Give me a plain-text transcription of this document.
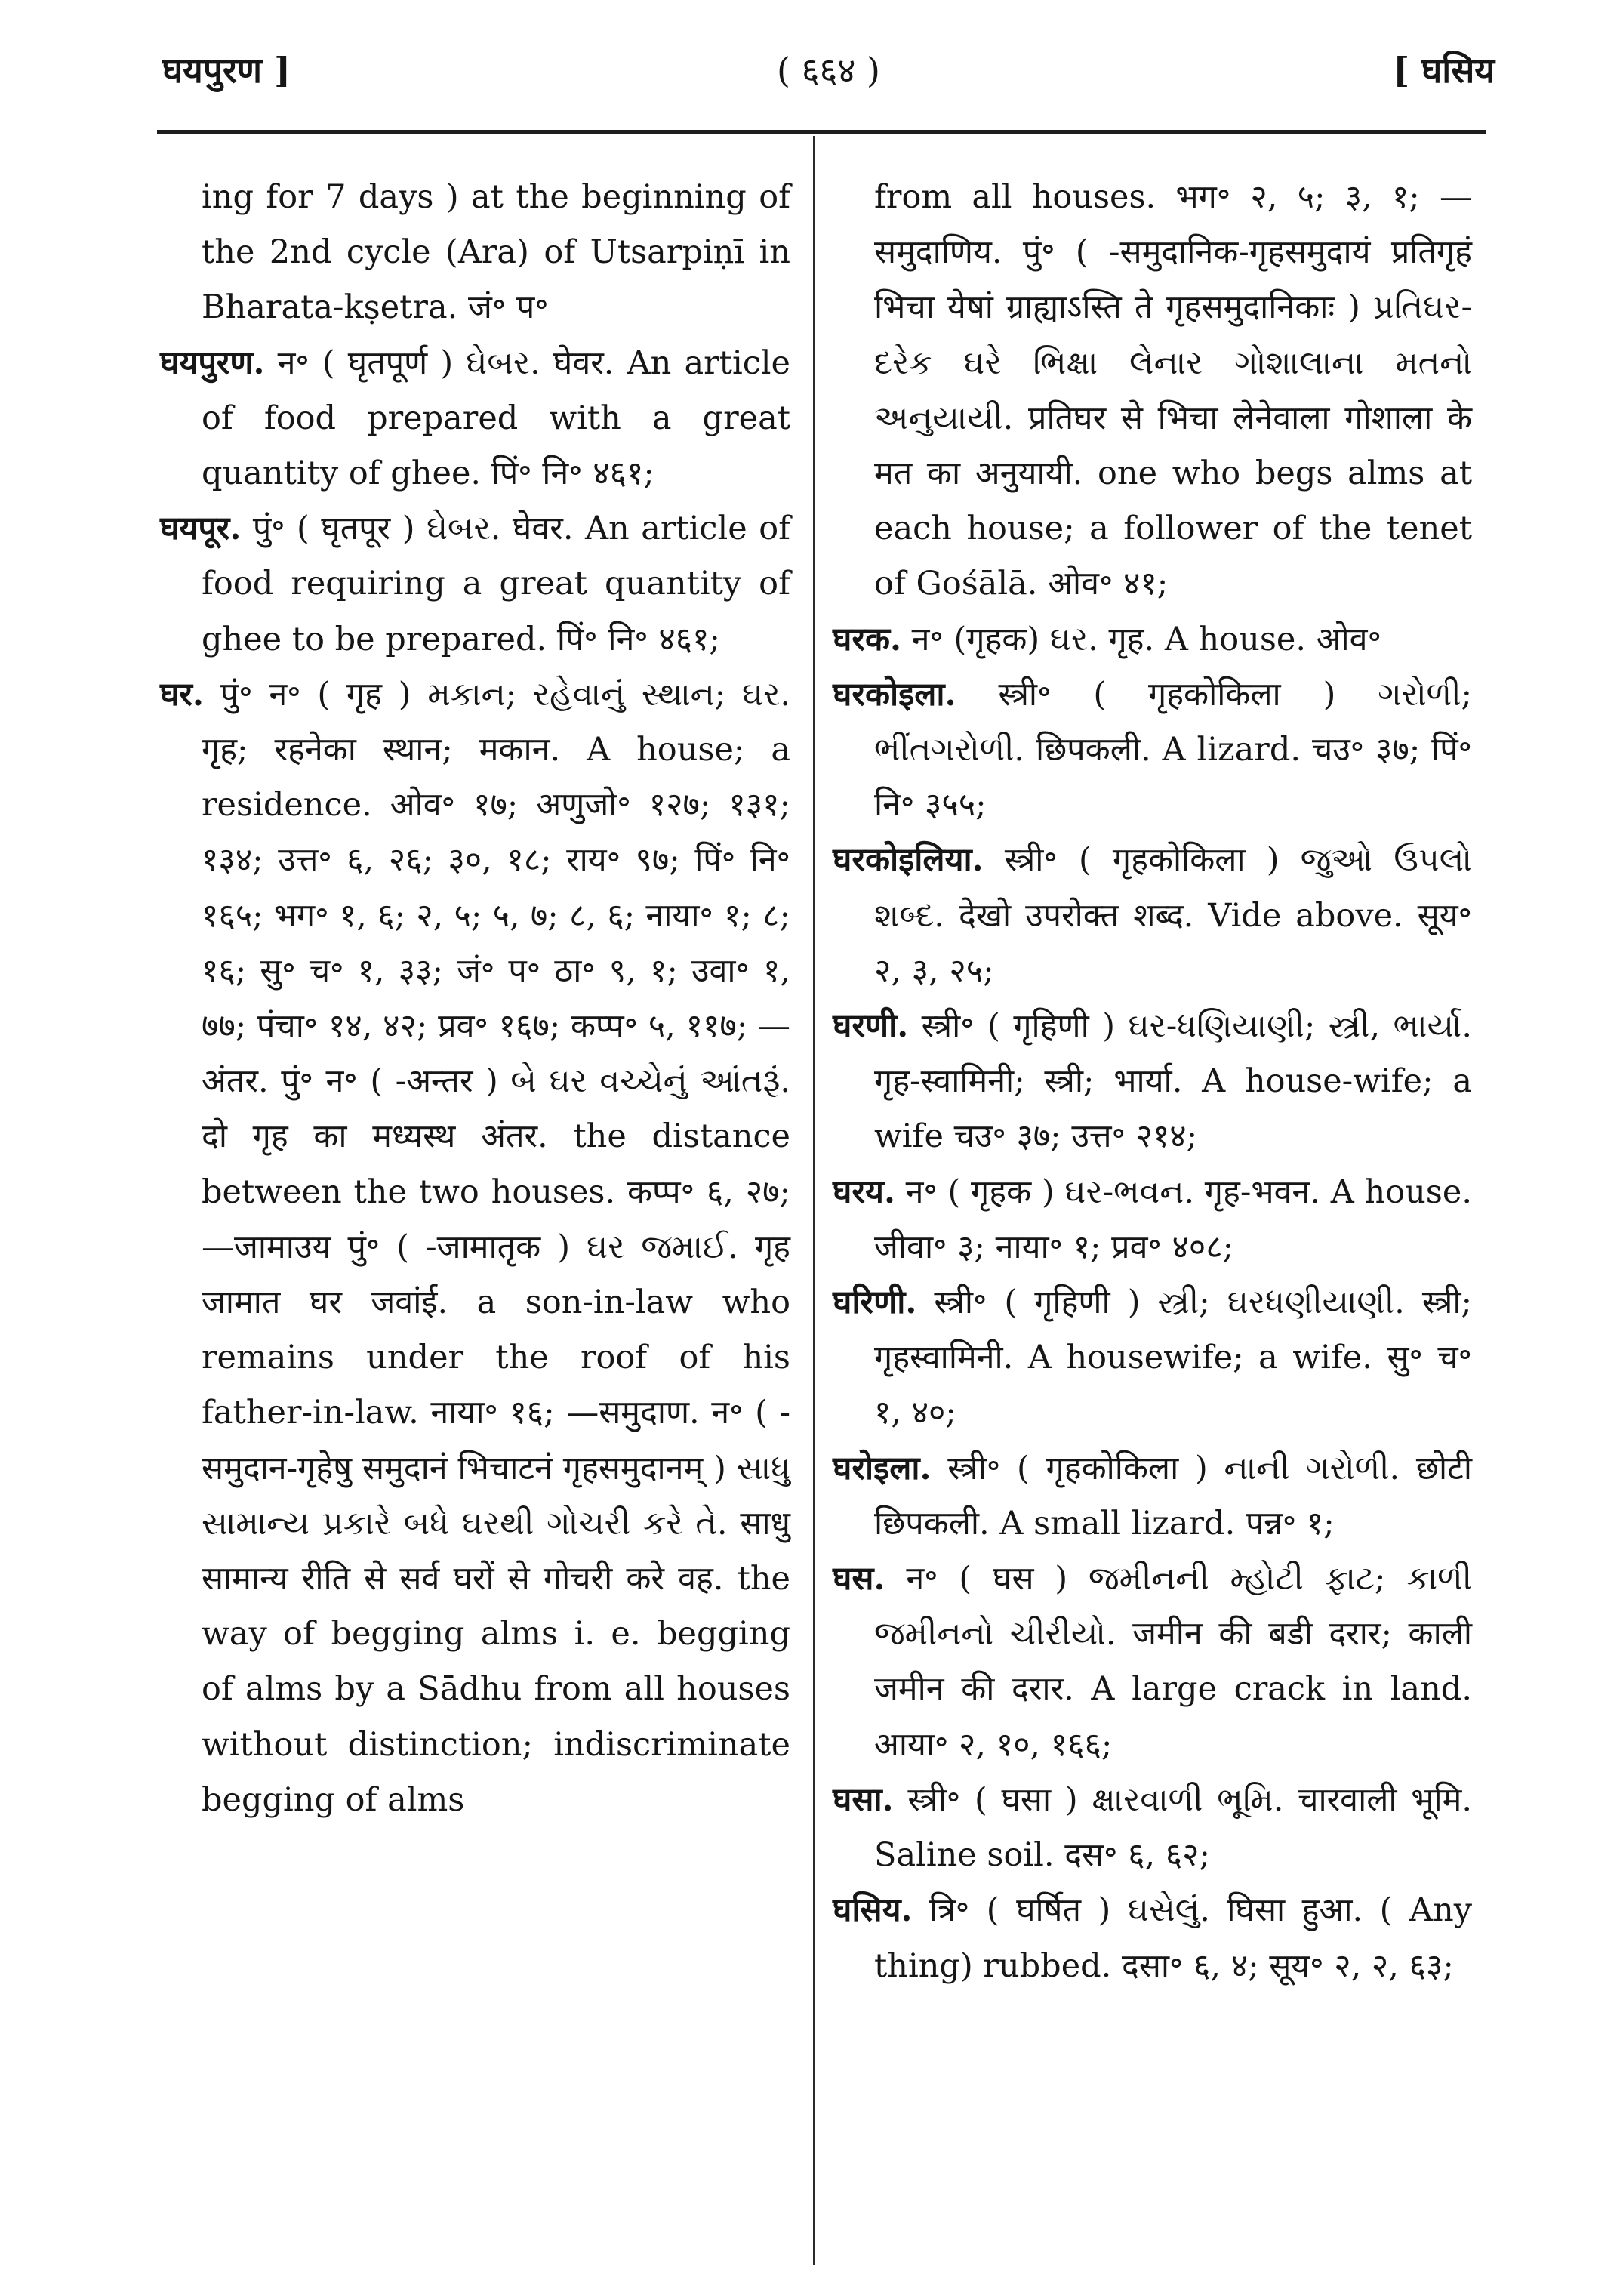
घयपुरण ]	( ६६४ )	[ घसिय

ing for 7 days ) at the beginning of the 2nd cycle (Ara) of Utsarpiṇī in Bharata-kṣetra. जं॰ प॰

घयपुरण. न॰ ( घृतपूर्ण ) ઘેબર. घेवर. An article of food prepared with a great quantity of ghee. पिं॰ नि॰ ४६१;

घयपूर. पुं॰ ( घृतपूर ) ઘેબર. घेवर. An article of food requiring a great quantity of ghee to be prepared. पिं॰ नि॰ ४६१;

घर. पुं॰ न॰ ( गृह ) મકાન; રહેવાનું સ્થાન; ઘર. गृह; रहनेका स्थान; मकान. A house; a residence. ओव॰ १७; अणुजो॰ १२७; १३१; १३४; उत्त॰ ६, २६; ३०, १८; राय॰ ९७; पिं॰ नि॰ १६५; भग॰ १, ६; २, ५; ५, ७; ८, ६; नाया॰ १; ८; १६; सु॰ च॰ १, ३३; जं॰ प॰ ठा॰ ९, १; उवा॰ १, ७७; पंचा॰ १४, ४२; प्रव॰ १६७; कप्प॰ ५, ११७; —अंतर. पुं॰ न॰ ( -अन्तर ) બે ઘર વચ્ચેનું આંતરૂં. दो गृह का मध्यस्थ अंतर. the distance between the two houses. कप्प॰ ६, २७; —जामाउय पुं॰ ( -जामातृक ) ઘર જમાઈ. गृह जामात घर जवांई. a son-in-law who remains under the roof of his father-in-law. नाया॰ १६; —समुदाण. न॰ ( -समुदान-गृहेषु समुदानं भिचाटनं गृहसमुदानम् ) સાધુ સામાન્ય પ્રકારે બધે ઘરથી ગોચરી કરે તે. साधु सामान्य रीति से सर्व घरों से गोचरी करे वह. the way of begging alms i. e. begging of alms by a Sādhu from all houses without distinction; indiscriminate begging of alms

from all houses. भग॰ २, ५; ३, १; —समुदाणिय. पुं॰ ( -समुदानिक-गृहसमुदायं प्रतिगृहं भिचा येषां ग्राह्याऽस्ति ते गृहसमुदानिकाः ) પ્રતિઘર-દરેક ઘરે ભિક્ષા લેનાર ગોશાલાના મતનો અનુયાયી. प्रतिघर से भिचा लेनेवाला गोशाला के मत का अनुयायी. one who begs alms at each house; a follower of the tenet of Gośālā. ओव॰ ४१;

घरक. न॰ (गृहक) ઘર. गृह. A house. ओव॰

घरकोइला. स्त्री॰ ( गृहकोकिला ) ગરોળી; ભીંતગરોળી. छिपकली. A lizard. चउ॰ ३७; पिं॰ नि॰ ३५५;

घरकोइलिया. स्त्री॰ ( गृहकोकिला ) જુઓ ઉપલો શબ્દ. देखो उपरोक्त शब्द. Vide above. सूय॰ २, ३, २५;

घरणी. स्त्री॰ ( गृहिणी ) ઘર-ધણિયાણી; સ્ત્રી, ભાર્યા. गृह-स्वामिनी; स्त्री; भार्या. A house-wife; a wife चउ॰ ३७; उत्त॰ २१४;

घरय. न॰ ( गृहक ) ઘર-ભવન. गृह-भवन. A house. जीवा॰ ३; नाया॰ १; प्रव॰ ४०८;

घरिणी. स्त्री॰ ( गृहिणी ) સ્ત્રી; ઘરધણીયાણી. स्त्री; गृहस्वामिनी. A housewife; a wife. सु॰ च॰ १, ४०;

घरोइला. स्त्री॰ ( गृहकोकिला ) નાની ગરોળી. छोटी छिपकली. A small lizard. पन्न॰ १;

घस. न॰ ( घस ) જમીનની મ્હોટી ફાટ; કાળી જમીનનો ચીરીયો. जमीन की बडी दरार; काली जमीन की दरार. A large crack in land. आया॰ २, १०, १६६;

घसा. स्त्री॰ ( घसा ) ક્ષારવાળી ભૂમિ. चारवाली भूमि. Saline soil. दस॰ ६, ६२;

घसिय. त्रि॰ ( घर्षित ) ઘસેલું. घिसा हुआ. ( Any thing) rubbed. दसा॰ ६, ४; सूय॰ २, २, ६३;
